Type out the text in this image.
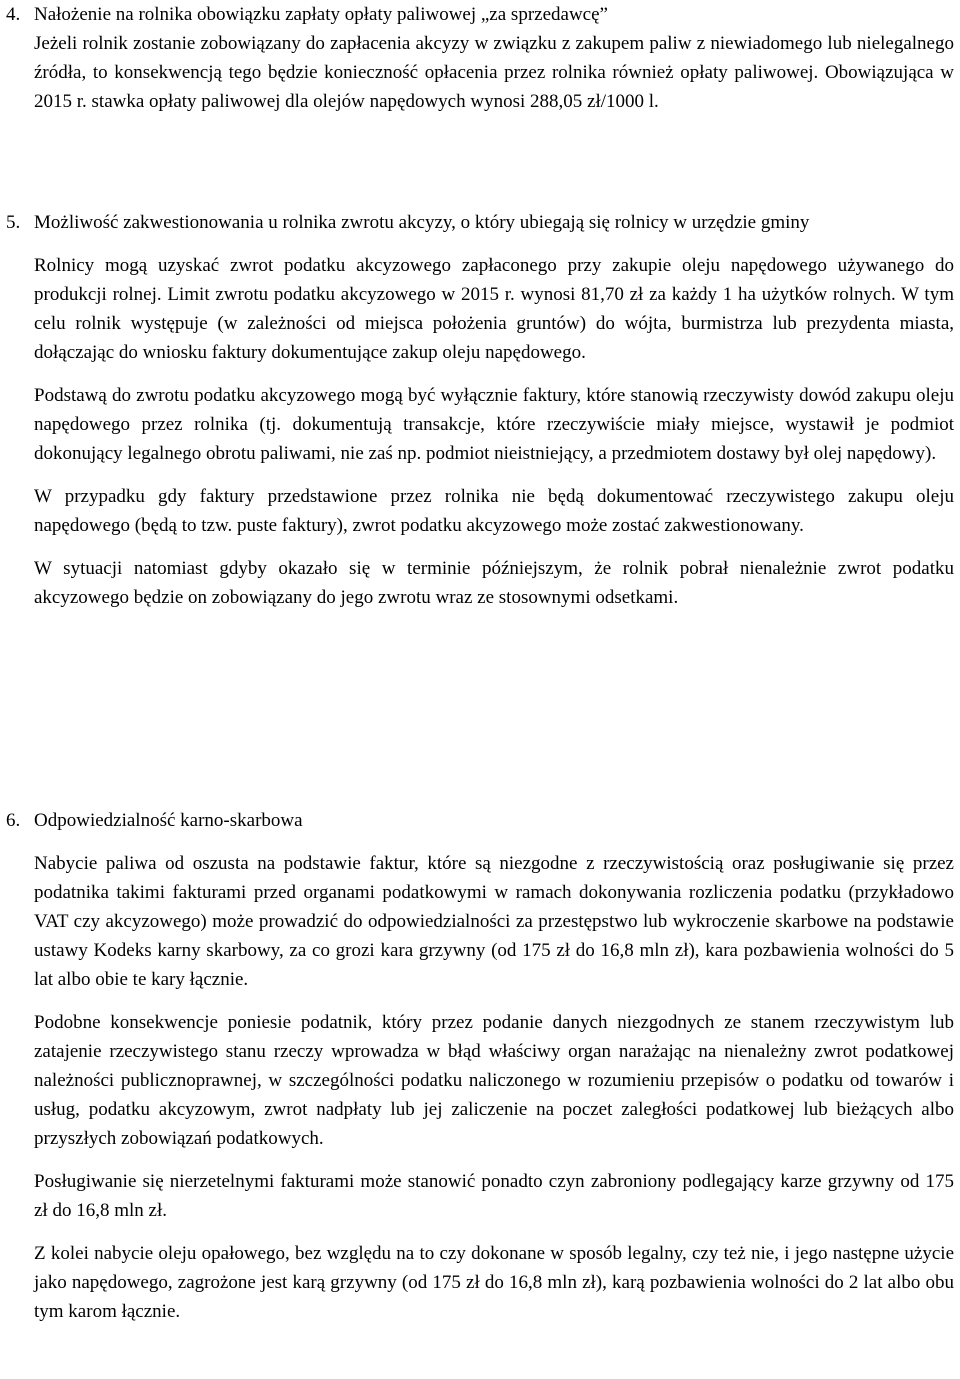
4. Nałożenie na rolnika obowiązku zapłaty opłaty paliwowej „za sprzedawcę”

Jeżeli rolnik zostanie zobowiązany do zapłacenia akcyzy w związku z zakupem paliw z niewiadomego lub nielegalnego źródła, to konsekwencją tego będzie konieczność opłacenia przez rolnika również opłaty paliwowej. Obowiązująca w 2015 r. stawka opłaty paliwowej dla olejów napędowych wynosi 288,05 zł/1000 l.

5. Możliwość zakwestionowania u rolnika zwrotu akcyzy, o który ubiegają się rolnicy w urzędzie gminy

Rolnicy mogą uzyskać zwrot podatku akcyzowego zapłaconego przy zakupie oleju napędowego używanego do produkcji rolnej. Limit zwrotu podatku akcyzowego w 2015 r. wynosi 81,70 zł za każdy 1 ha użytków rolnych. W tym celu rolnik występuje (w zależności od miejsca położenia gruntów) do wójta, burmistrza lub prezydenta miasta, dołączając do wniosku faktury dokumentujące zakup oleju napędowego.

Podstawą do zwrotu podatku akcyzowego mogą być wyłącznie faktury, które stanowią rzeczywisty dowód zakupu oleju napędowego przez rolnika (tj. dokumentują transakcje, które rzeczywiście miały miejsce, wystawił je podmiot dokonujący legalnego obrotu paliwami, nie zaś np. podmiot nieistniejący, a przedmiotem dostawy był olej napędowy).

W przypadku gdy faktury przedstawione przez rolnika nie będą dokumentować rzeczywistego zakupu oleju napędowego (będą to tzw. puste faktury), zwrot podatku akcyzowego może zostać zakwestionowany.

W sytuacji natomiast gdyby okazało się w terminie późniejszym, że rolnik pobrał nienależnie zwrot podatku akcyzowego będzie on zobowiązany do jego zwrotu wraz ze stosownymi odsetkami.

6. Odpowiedzialność karno-skarbowa

Nabycie paliwa od oszusta na podstawie faktur, które są niezgodne z rzeczywistością oraz posługiwanie się przez podatnika takimi fakturami przed organami podatkowymi w ramach dokonywania rozliczenia podatku (przykładowo VAT czy akcyzowego) może prowadzić do odpowiedzialności za przestępstwo lub wykroczenie skarbowe na podstawie ustawy Kodeks karny skarbowy, za co grozi kara grzywny (od 175 zł do 16,8 mln zł), kara pozbawienia wolności do 5 lat albo obie te kary łącznie.

Podobne konsekwencje poniesie podatnik, który przez podanie danych niezgodnych ze stanem rzeczywistym lub zatajenie rzeczywistego stanu rzeczy wprowadza w błąd właściwy organ narażając na nienależny zwrot podatkowej należności publicznoprawnej, w szczególności podatku naliczonego w rozumieniu przepisów o podatku od towarów i usług, podatku akcyzowym, zwrot nadpłaty lub jej zaliczenie na poczet zaległości podatkowej lub bieżących albo przyszłych zobowiązań podatkowych.

Posługiwanie się nierzetelnymi fakturami może stanowić ponadto czyn zabroniony podlegający karze grzywny od 175 zł do 16,8 mln zł.

Z kolei nabycie oleju opałowego, bez względu na to czy dokonane w sposób legalny, czy też nie, i jego następne użycie jako napędowego, zagrożone jest karą grzywny (od 175 zł do 16,8 mln zł), karą pozbawienia wolności do 2 lat albo obu tym karom łącznie.
